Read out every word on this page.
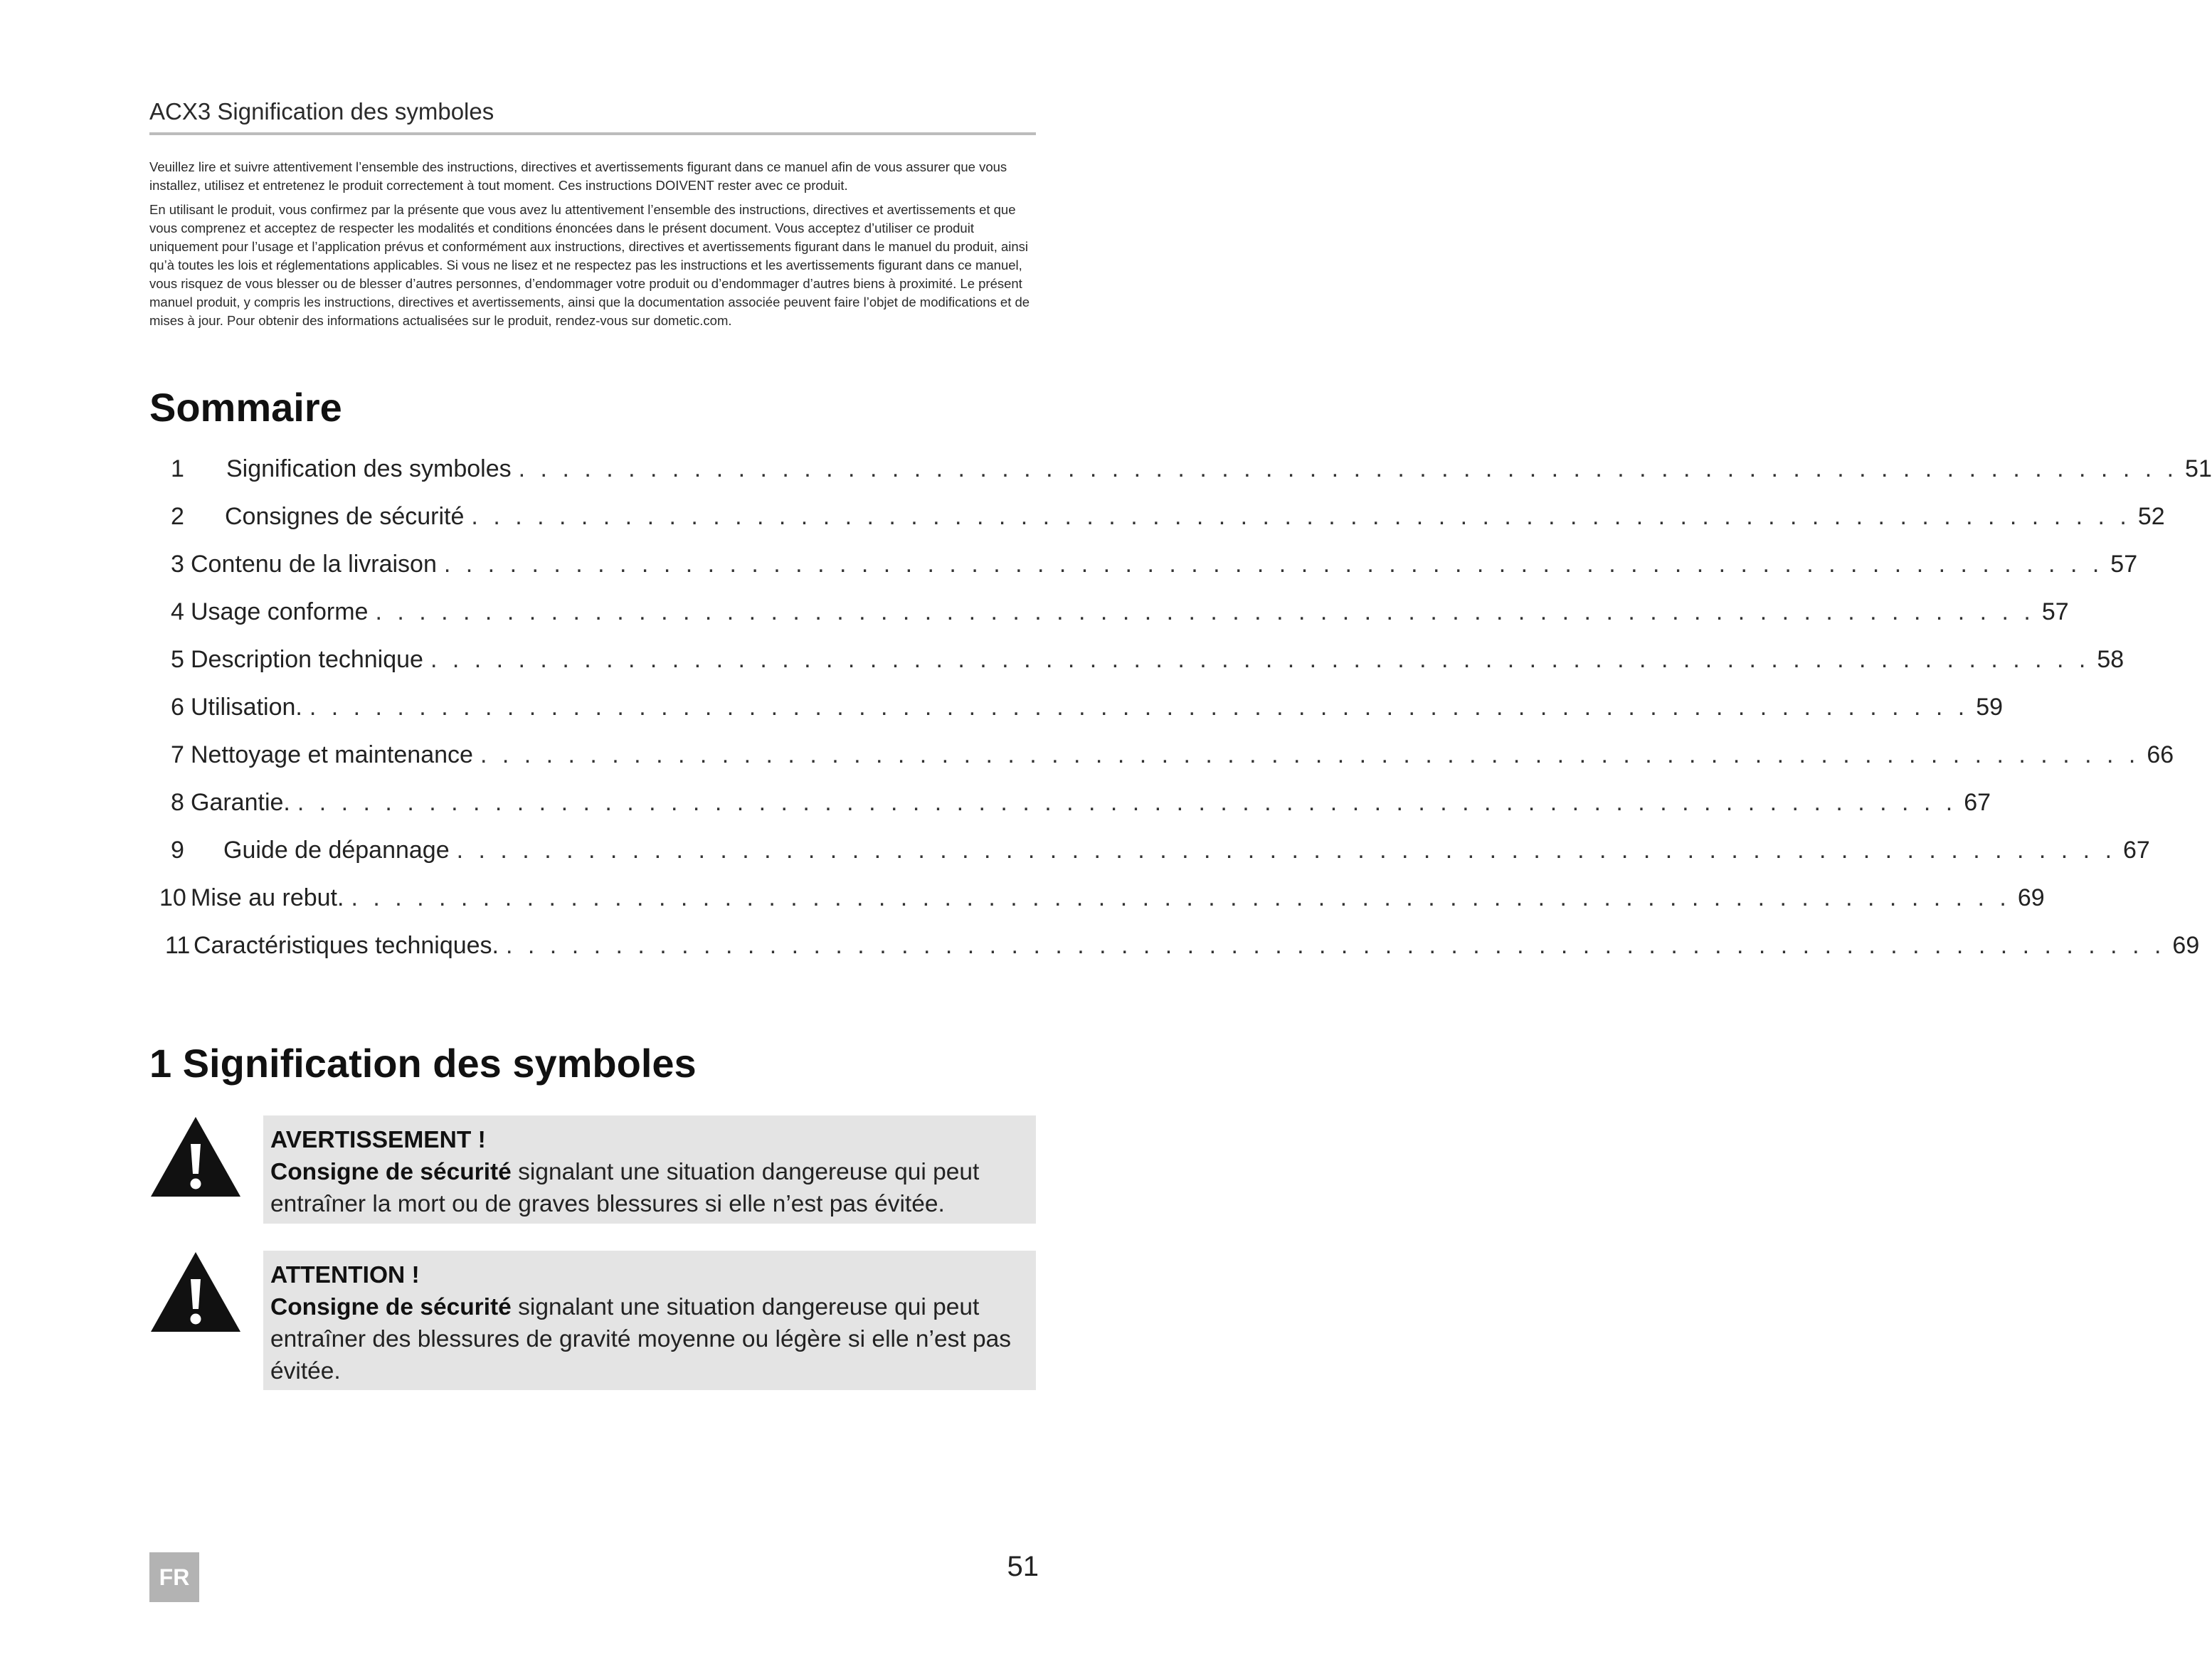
ACX3 Signification des symboles

Veuillez lire et suivre attentivement l’ensemble des instructions, directives et avertissements figurant dans ce manuel afin de vous assurer que vous installez, utilisez et entretenez le produit correctement à tout moment. Ces instructions DOIVENT rester avec ce produit.

En utilisant le produit, vous confirmez par la présente que vous avez lu attentivement l’ensemble des instructions, directives et avertissements et que vous comprenez et acceptez de respecter les modalités et conditions énoncées dans le présent document. Vous acceptez d’utiliser ce produit uniquement pour l’usage et l’application prévus et conformément aux instructions, directives et avertissements figurant dans le manuel du produit, ainsi qu’à toutes les lois et réglementations applicables. Si vous ne lisez et ne respectez pas les instructions et les avertissements figurant dans ce manuel, vous risquez de vous blesser ou de blesser d’autres personnes, d’endommager votre produit ou d’endommager d’autres biens à proximité. Le présent manuel produit, y compris les instructions, directives et avertissements, ainsi que la documentation associée peuvent faire l’objet de modifications et de mises à jour. Pour obtenir des informations actualisées sur le produit, rendez-vous sur dometic.com.

Sommaire
1	Signification des symboles . . . . . . . . . . . . . . . . . . . . . . . . . . . . . . . . . . . . . . . . . . . . . . . . . . . . . . . . . . . . . . . . . . . . . . . . . . . . 51
2	Consignes de sécurité . . . . . . . . . . . . . . . . . . . . . . . . . . . . . . . . . . . . . . . . . . . . . . . . . . . . . . . . . . . . . . . . . . . . . . . . . . . . 52
3 Contenu de la livraison . . . . . . . . . . . . . . . . . . . . . . . . . . . . . . . . . . . . . . . . . . . . . . . . . . . . . . . . . . . . . . . . . . . . . . . . . . . . 57
4 Usage conforme . . . . . . . . . . . . . . . . . . . . . . . . . . . . . . . . . . . . . . . . . . . . . . . . . . . . . . . . . . . . . . . . . . . . . . . . . . . . 57
5 Description technique . . . . . . . . . . . . . . . . . . . . . . . . . . . . . . . . . . . . . . . . . . . . . . . . . . . . . . . . . . . . . . . . . . . . . . . . . . . . 58
6 Utilisation. . . . . . . . . . . . . . . . . . . . . . . . . . . . . . . . . . . . . . . . . . . . . . . . . . . . . . . . . . . . . . . . . . . . . . . . . . . . . 59
7 Nettoyage et maintenance . . . . . . . . . . . . . . . . . . . . . . . . . . . . . . . . . . . . . . . . . . . . . . . . . . . . . . . . . . . . . . . . . . . . . . . . . . . . 66
8 Garantie. . . . . . . . . . . . . . . . . . . . . . . . . . . . . . . . . . . . . . . . . . . . . . . . . . . . . . . . . . . . . . . . . . . . . . . . . . . . . 67
9	Guide de dépannage . . . . . . . . . . . . . . . . . . . . . . . . . . . . . . . . . . . . . . . . . . . . . . . . . . . . . . . . . . . . . . . . . . . . . . . . . . . . 67
10 Mise au rebut. . . . . . . . . . . . . . . . . . . . . . . . . . . . . . . . . . . . . . . . . . . . . . . . . . . . . . . . . . . . . . . . . . . . . . . . . . . . . 69
11 Caractéristiques techniques. . . . . . . . . . . . . . . . . . . . . . . . . . . . . . . . . . . . . . . . . . . . . . . . . . . . . . . . . . . . . . . . . . . . . . . . . . . . . 69
1 Signification des symboles
AVERTISSEMENT !
Consigne de sécurité signalant une situation dangereuse qui peut entraîner la mort ou de graves blessures si elle n’est pas évitée.
ATTENTION !
Consigne de sécurité signalant une situation dangereuse qui peut entraîner des blessures de gravité moyenne ou légère si elle n’est pas évitée.
FR	51
